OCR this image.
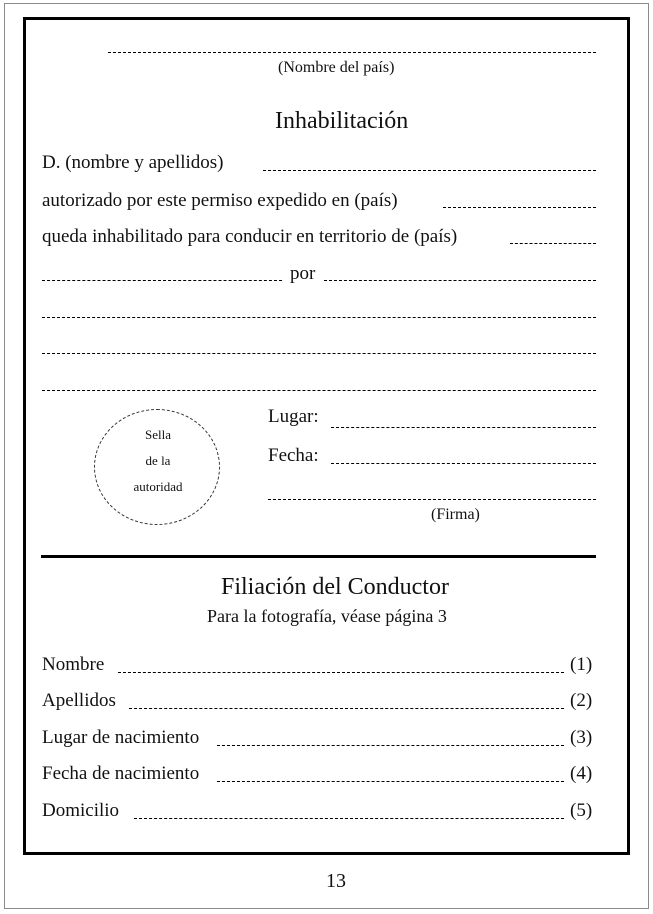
(Nombre del país)
Inhabilitación
D. (nombre y apellidos)
autorizado por este permiso expedido en (país)
queda inhabilitado para conducir en territorio de (país)
por
Sella
de la
autoridad
Lugar:
Fecha:
(Firma)
Filiación del Conductor
Para la fotografía, véase página 3
Nombre	(1)
Apellidos	(2)
Lugar de nacimiento	(3)
Fecha de nacimiento	(4)
Domicilio	(5)
13
